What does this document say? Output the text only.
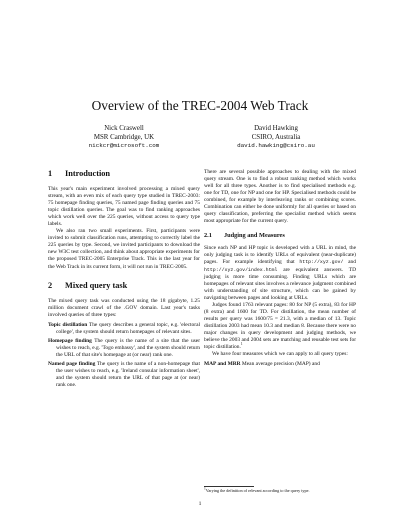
Overview of the TREC-2004 Web Track
Nick Craswell
MSR Cambridge, UK
nickcr@microsoft.com
David Hawking
CSIRO, Australia
david.hawking@csiro.au
1 Introduction

This year's main experiment involved processing a mixed query stream, with an even mix of each query type studied in TREC-2003: 75 homepage finding queries, 75 named page finding queries and 75 topic distillation queries. The goal was to find ranking approaches which work well over the 225 queries, without access to query type labels.

We also ran two small experiments. First, participants were invited to submit classification runs, attempting to correctly label the 225 queries by type. Second, we invited participants to download the new W3C test collection, and think about appropriate experiments for the proposed TREC-2005 Enterprise Track. This is the last year for the Web Track in its current form, it will not run in TREC-2005.

2 Mixed query task

The mixed query task was conducted using the 18 gigabyte, 1.25 million document crawl of the .GOV domain. Last year's tasks involved queries of three types:

Topic distillation The query describes a general topic, e.g. 'electoral college', the system should return homepages of relevant sites.
Homepage finding The query is the name of a site that the user wishes to reach, e.g. 'Togo embassy', and the system should return the URL of that site's homepage at (or near) rank one.
Named page finding The query is the name of a non-homepage that the user wishes to reach, e.g. 'Ireland consular information sheet', and the system should return the URL of that page at (or near) rank one.

There are several possible approaches to dealing with the mixed query stream. One is to find a robust ranking method which works well for all three types. Another is to find specialised methods e.g. one for TD, one for NP and one for HP. Specialised methods could be combined, for example by interleaving ranks or combining scores. Combination can either be done uniformly for all queries or based on query classification, preferring the specialist method which seems most appropriate for the current query.

2.1 Judging and Measures

Since each NP and HP topic is developed with a URL in mind, the only judging task is to identify URLs of equivalent (near-duplicate) pages. For example identifying that http://xyz.gov/ and http://xyz.gov/index.html are equivalent answers. TD judging is more time consuming. Finding URLs which are homepages of relevant sites involves a relevance judgment combined with understanding of site structure, which can be gained by navigating between pages and looking at URLs.

Judges found 1763 relevant pages: 80 for NP (5 extra), 83 for HP (8 extra) and 1600 for TD. For distillation, the mean number of results per query was 1600/75 = 21.3, with a median of 13. Topic distillation 2003 had mean 10.3 and median 8. Because there were no major changes in query development and judging methods, we believe the 2003 and 2004 sets are matching and reusable test sets for topic distillation.$^1$

We have four measures which we can apply to all query types:

MAP and MRR Mean average precision (MAP) and
$^1$Varying the definition of relevant according to the query type.
1
